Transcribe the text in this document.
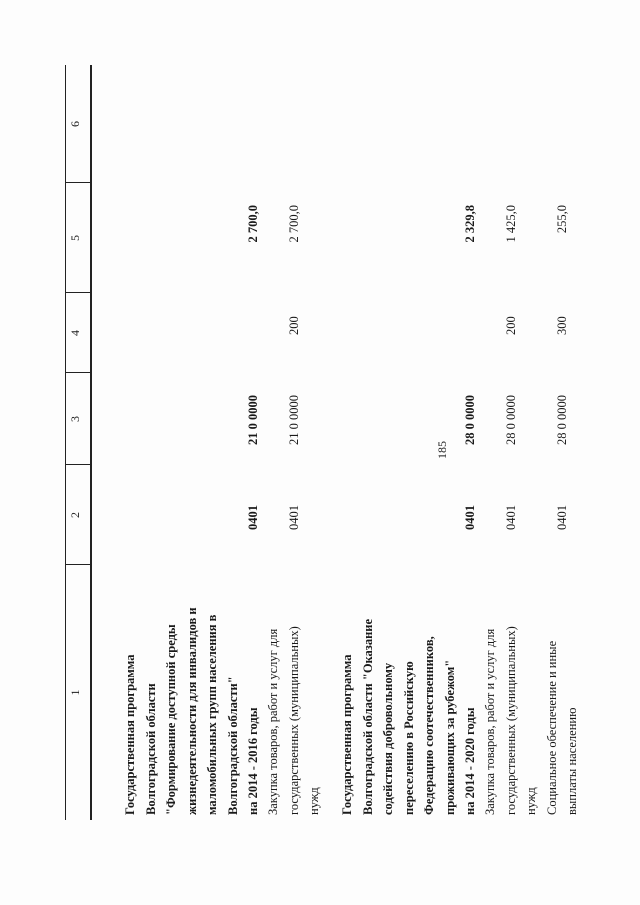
185
1
2
3
4
5
6
Государственная программа Волгоградской области "Формирование доступной среды жизнедеятельности для инвалидов и маломобильных групп населения в Волгоградской области" на 2014 - 2016 годы
0401
21 0 0000
2 700,0
Закупка товаров, работ и услуг для государственных (муниципальных) нужд
0401
21 0 0000
200
2 700,0
Государственная программа Волгоградской области "Оказание содействия добровольному переселению в Российскую Федерацию соотечественников, проживающих за рубежом" на 2014 - 2020 годы
0401
28 0 0000
2 329,8
Закупка товаров, работ и услуг для государственных (муниципальных) нужд
0401
28 0 0000
200
1 425,0
Социальное обеспечение и иные выплаты населению
0401
28 0 0000
300
255,0
